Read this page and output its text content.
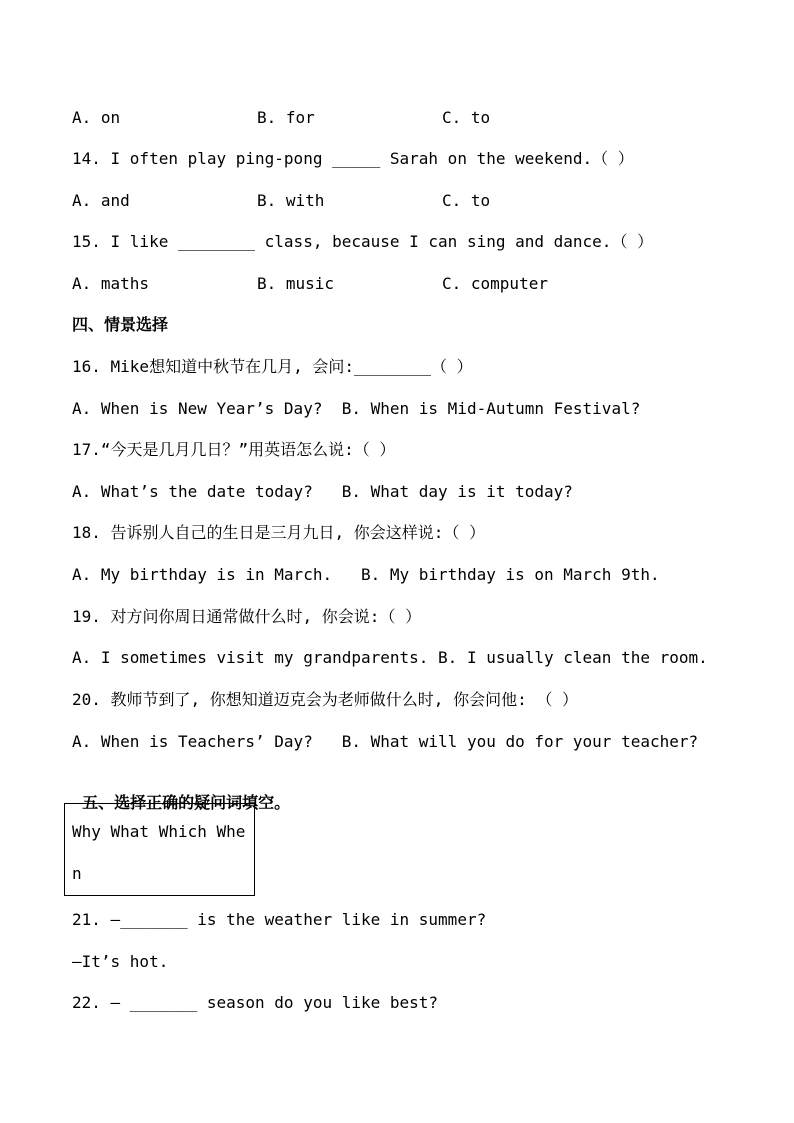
A. on

	B. for

	C. to

14. I often play ping-pong _____ Sarah on the weekend.（ ）

A. and

	B. with

	C. to

15. I like ________ class, because I can sing and dance.（ ）

A. maths

	B. music

	C. computer

四、情景选择
16. Mike想知道中秋节在几月, 会问:________（ ）
A. When is New Year’s Day?  B. When is Mid-Autumn Festival?
17.“今天是几月几日？”用英语怎么说:（ ）
A. What’s the date today?   B. What day is it today?
18. 告诉别人自己的生日是三月九日, 你会这样说:（ ）
A. My birthday is in March.   B. My birthday is on March 9th.
19. 对方问你周日通常做什么时, 你会说:（ ）
A. I sometimes visit my grandparents. B. I usually clean the room.
20. 教师节到了, 你想知道迈克会为老师做什么时, 你会问他: （ ）
A. When is Teachers’ Day?   B. What will you do for your teacher?

五、选择正确的疑问词填空。

Why What Which Whe
n
21. —_______ is the weather like in summer?
—It’s hot.
22. — _______ season do you like best?
